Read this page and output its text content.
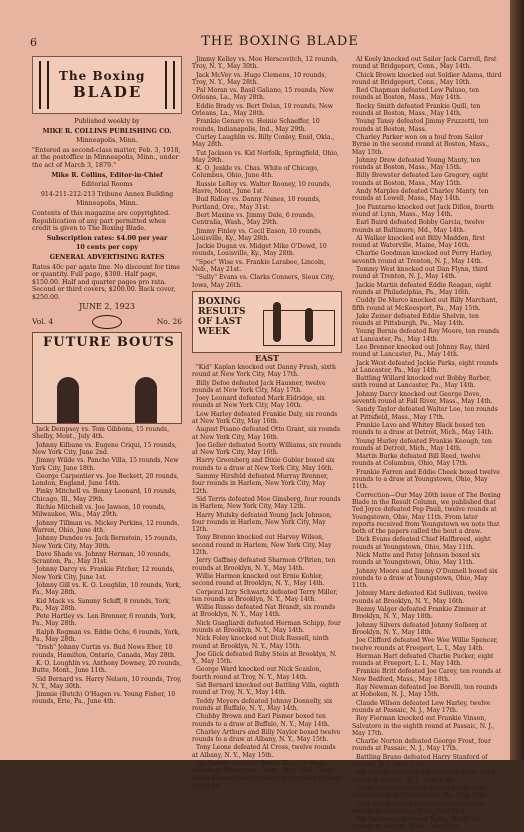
6	THE BOXING BLADE
The Boxing
BLADE

Published weekly by

MIKE R. COLLINS PUBLISHING CO.

Minneapolis, Minn.

"Entered as second-class matter, Feb. 3, 1918, at the postoffice in Minneapolis, Minn., under the act of March 3, 1879."

Mike R. Collins, Editor-in-Chief

Editorial Rooms

914-211-212-213 Tribune Annex Building

Minneapolis, Minn.

Contents of this magazine are copyrighted. Republication of any part permitted when credit is given to The Boxing Blade.

Subscription rates: $4.00 per year

10 cents per copy

GENERAL ADVERTISING RATES

Rates 40c per agate line. No discount for time or quantity. Full page, $300. Half page, $150.00. Half and quarter pages pro rata. Second or third covers, $200.00. Back cover, $250.00.

JUNE 2, 1923

Vol. 4	No. 26
FUTURE BOUTS
Jack Dempsey vs. Tom Gibbons, 15 rounds, Shelby, Mont., July 4th.
Johnny Kilbane vs. Eugene Criqui, 15 rounds, New York City, June 2nd.
Jimmy Wilde vs. Pancho Villa, 15 rounds, New York City, June 18th.
George Carpentier vs. Joe Beckett, 20 rounds, London, England, June 14th.
Pinky Mitchell vs. Benny Leonard, 10 rounds, Chicago, Ill., May 29th.
Richie Mitchell vs. Joe Jawson, 10 rounds, Milwaukee, Wis., May 29th.
Johnny Tillman vs. Mickey Perkins, 12 rounds, Warren, Ohio, June 4th.
Johnny Dundee vs. Jack Bernstein, 15 rounds, New York City, May 30th.
Dave Shade vs. Johnny Herman, 10 rounds, Scranton, Pa., May 31st.
Johnny Darcy vs. Frankie Fitcher, 12 rounds, New York City, June 1st.
Johnny Gill vs. K. O. Loughlin, 10 rounds, York, Pa., May 28th.
Kid Mack vs. Sammy Schiff, 8 rounds, York, Pa., May 28th.
Pete Hartley vs. Len Brenner, 6 rounds, York, Pa., May 28th.
Ralph Rogman vs. Eddie Ochs, 6 rounds, York, Pa., May 28th.
"Irish" Johnny Curtin vs. Bud News Eber, 10 rounds, Hamilton, Ontario, Canada, May 28th.
K. O. Loughlin vs. Anthony Downey, 20 rounds, Butte, Mont., June 11th.
Sid Bernard vs. Harry Nelson, 10 rounds, Troy, N. Y., May 30th.
Jimmie (Butch) O'Hagen vs. Young Fisher, 10 rounds, Erie, Pa., June 4th.
Jimmy Kelley vs. Moe Herscovitch, 12 rounds, Troy, N. Y., May 30th.
Jack McVey vs. Hugo Clemens, 10 rounds, Troy, N. Y., May 28th.
Pal Moran vs. Basil Galiano, 15 rounds, New Orleans, La., May 28th.
Eddie Brady vs. Bert Dolan, 10 rounds, New Orleans, La., May 28th.
Frankie Genaro vs. Heinie Schaeffer, 10 rounds, Indianapolis, Ind., May 29th.
Curley Laughlin vs. Billy Conley, Enid, Okla., May 28th.
Tut Jackson vs. Kid Norfolk, Springfield, Ohio, May 29th.
K. O. Jenkle vs. Chas. White of Chicago, Columbus, Ohio, June 4th.
Russie LeRoy vs. Walter Rooney, 10 rounds, Havre, Mont., June 1st.
Bud Ridley vs. Danny Nunes, 10 rounds, Portland, Ore., May 31st.
Bert Maxine vs. Jimmy Dale, 6 rounds, Centralia, Wash., May 29th.
Jimmy Finley vs. Cecil Eason, 10 rounds, Louisville, Ky., May 28th.
Jackie Dugan vs. Midget Mike O'Dowd, 10 rounds, Louisville, Ky., May 28th.
"Spec" Wise vs. Frankie Larabee, Lincoln, Neb., May 21st.
"Sully" Evans vs. Clarks Conners, Sioux City, Iowa, May 26th.
BOXING RESULTS OF LAST WEEK
EAST
"Kid" Kaplan knocked out Danny Frush, sixth round at New York City, May 17th.
Billy Defoe defeated Jack Hausner, twelve rounds at New York City, May 17th.
Joey Leonard defeated Mark Eldridge, six rounds at New York City, May 16th.
Lew Harley defeated Frankie Daly, six rounds at New York City, May 16th.
August Pisano defeated Otto Grant, six rounds at New York City, May 16th.
Joe Geller defeated Scotty Williams, six rounds at New York City, May 16th.
Harry Greenberg and Dixie Gubler boxed six rounds to a draw at New York City, May 16th.
Sammy Hirsfeld defeated Murray Brenner, four rounds in Harlem, New York City, May 12th.
Sid Terris defeated Moe Ginsberg, four rounds in Harlem, New York City, May 12th.
Harry Mulsky defeated Young Jack Johnson, four rounds in Harlem, New York City, May 12th.
Tony Brenno knocked out Harvey Wilson, second round in Harlem, New York City, May 12th.
Jerry Gaffney defeated Sharmon O'Brien, ten rounds at Brooklyn, N. Y., May 14th.
Willie Harmon knocked out Ernie Kohler, second round at Brooklyn, N. Y., May 14th.
Corporal Izzy Schwartz defeated Terry Miller, ten rounds at Brooklyn, N. Y., May 14th.
Willie Russo defeated Nat Brandt, six rounds at Brooklyn, N. Y., May 14th.
Nick Guagliardi defeated Herman Schipp, four rounds at Brooklyn, N. Y., May 14th.
Nick Foley knocked out Dick Russell, ninth round at Brooklyn, N. Y., May 15th.
Joe Glick defeated Ruby Stein at Brooklyn, N. Y., May 15th.
George Ward knocked out Nick Scanlon, fourth round at Troy, N. Y., May 14th.
Sid Bernard knocked out Battling Villa, eighth round at Troy, N. Y., May 14th.
Teddy Meyers defeated Johnny Donnelly, six rounds at Buffalo, N. Y., May 14th.
Chubby Brown and Earl Pismer boxed ten rounds to a draw at Buffalo, N. Y., May 14th.
Charley Arthurs and Billy Naylor boxed twelve rounds to a draw at Albany, N. Y., May 15th.
Tony Leone defeated Al Cross, twelve rounds at Albany, N. Y., May 15th.
Joe Barnes defeated Jimmy Darcy in three rounds at Bridgeport, Conn., May 14th, Darcy being disqualified for failing to continue without being hit.
Al Keely knocked out Sailor Jack Carroll, first round at Bridgeport, Conn., May 14th.
Chick Brown knocked out Soldier Adams, third round at Bridgeport, Conn., May 10th.
Red Chapman defeated Lew Paluso, ten rounds at Boston, Mass., May 14th.
Rocky Smith defeated Frankie Quill, ten rounds at Boston, Mass., May 14th.
Young Tansy defeated Jimmy Fruzzetti, ten rounds at Boston, Mass.
Charley Parker won on a foul from Sailor Byrne in the second round at Boston, Mass., May 15th.
Johnny Drew defeated Young Manty, ten rounds at Boston, Mass., May 15th.
Billy Brewster defeated Leo Gregory, eight rounds at Boston, Mass., May 15th.
Andy Marples defeated Charley Manty, ten rounds at Lowell, Mass., May 14th.
Joe Pantarno knocked out Jack Dillon, fourth round at Lynn, Mass., May 14th.
Earl Baird defeated Bobby Garcia, twelve rounds at Baltimore, Md., May 14th.
Al Walker knocked out Billy Madden, first round at Waterville, Maine, May 16th.
Charlie Goodman knocked out Perry Harley, seventh round at Trenton, N. J., May 14th.
Tommy West knocked out Dan Flynn, third round at Trenton, N. J., May 14th.
Jackie Martin defeated Eddie Reagan, eight rounds at Philadelphia, Pa., May 16th.
Cuddy De Marco knocked out Billy Marchant, fifth round at McKeesport, Pa., May 15th.
Jake Zeiner defeated Eddie Shelvin, ten rounds at Pittsburgh, Pa., May 14th.
Young Bernie defeated Roy Moore, ten rounds at Lancaster, Pa., May 14th.
Leo Brenner knocked out Johnny Ray, third round at Lancaster, Pa., May 14th.
Jack West defeated Jackie Parks, eight rounds at Lancaster, Pa., May 14th.
Battling Willard knocked out Bobby Barber, sixth round at Lancaster, Pa., May 14th.
Johnny Darcy knocked out George Dove, seventh round at Fall River, Mass., May 14th.
Sandy Taylor defeated Walter Lee, ten rounds at Pittsfield, Mass., May 17th.
Frankie Lavo and Whitey Black boxed ten rounds to a draw at Detroit, Mich., May 14th.
Young Hurley defeated Frankie Keough, ten rounds at Detroit, Mich., May 14th.
Martin Burke defeated Bill Reed, twelve rounds at Columbus, Ohio, May 17th.
Frankie Farren and Eddie Cheek boxed twelve rounds to a draw at Youngstown, Ohio, May 11th.
Correction—Our May 26th issue of The Boxing Blade in the Result Column, we published that Ted Joyce defeated Pep Pauli, twelve rounds at Youngstown, Ohio, May 11th. From later reports received from Youngstown we note that both of the papers called the bout a draw.
Dick Evans defeated Chief Halfbreed, eight rounds at Youngstown, Ohio, May 11th.
Nick Matte and Patsy Johnson boxed six rounds at Youngstown, Ohio, May 11th.
Johnny Moore and Jimmy O'Donnell boxed six rounds to a draw at Youngstown, Ohio, May 11th.
Johnny Marx defeated Kid Sullivan, twelve rounds at Brooklyn, N. Y., May 16th.
Benny Valger defeated Frankie Zimmer at Brooklyn, N. Y., May 18th.
Johnny Silvers defeated Johnny Solberg at Brooklyn, N. Y., May 18th.
Joe Clifford defeated Wee Wee Willie Spencer, twelve rounds at Freeport, L. I., May 14th.
Herman Hart defeated Charlie Pucker, eight rounds at Freeport, L. I., May 14th.
Frankie Britt defeated Joe Carey, ten rounds at New Bedford, Mass., May 18th.
Ray Newman defeated Joe Borelli, ten rounds at Hoboken, N. J., May 15th.
Claude Wilson defeated Lew Harley, twelve rounds at Passaic, N. J., May 17th.
Roy Fierman knocked out Frankie Vinson, Salvatore in the eighth round at Passaic, N. J., May 17th.
Charlie Norton defeated George Frost, four rounds at Passaic, N. J., May 17th.
Battling Bruno defeated Harry Stanford of Passaic, N. J., May 17th.
Sid Ganske knocked out Spencer Sollo, third round at Passaic, N. J., May 17th.
Pedro Campo defeated Whitey Fitzgerald, eight rounds at Philadelphia, Pa., May 19th.
Tony Gill defeated Bud Christiner, twelve rounds at Columbus, Ohio, May 21st.
Sid Barbarian defeated Bobby Ward, ten rounds at Detroit, Mich., May 21st.
